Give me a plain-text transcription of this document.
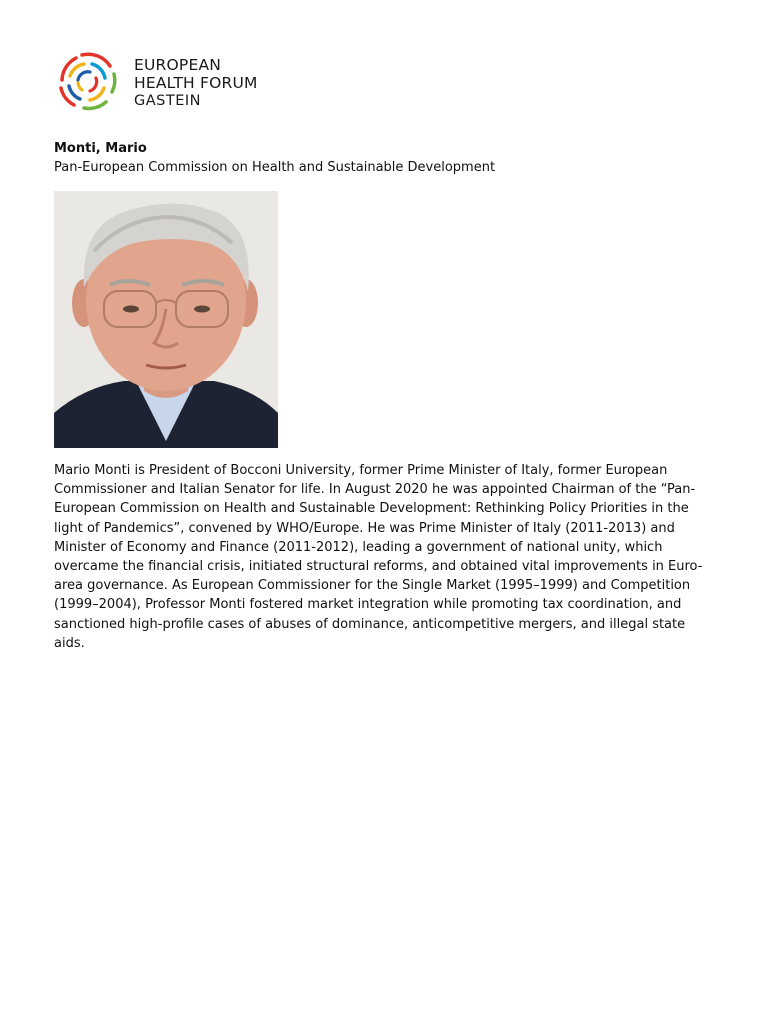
EUROPEAN
HEALTH FORUM
GASTEIN

Monti, Mario

Pan-European Commission on Health and Sustainable Development

Mario Monti is President of Bocconi University, former Prime Minister of Italy, former European Commissioner and Italian Senator for life. In August 2020 he was appointed Chairman of the “Pan-European Commission on Health and Sustainable Development: Rethinking Policy Priorities in the light of Pandemics”, convened by WHO/Europe. He was Prime Minister of Italy (2011-2013) and Minister of Economy and Finance (2011-2012), leading a government of national unity, which overcame the financial crisis, initiated structural reforms, and obtained vital improvements in Euro-area governance. As European Commissioner for the Single Market (1995–1999) and Competition (1999–2004), Professor Monti fostered market integration while promoting tax coordination, and sanctioned high-profile cases of abuses of dominance, anticompetitive mergers, and illegal state aids.
